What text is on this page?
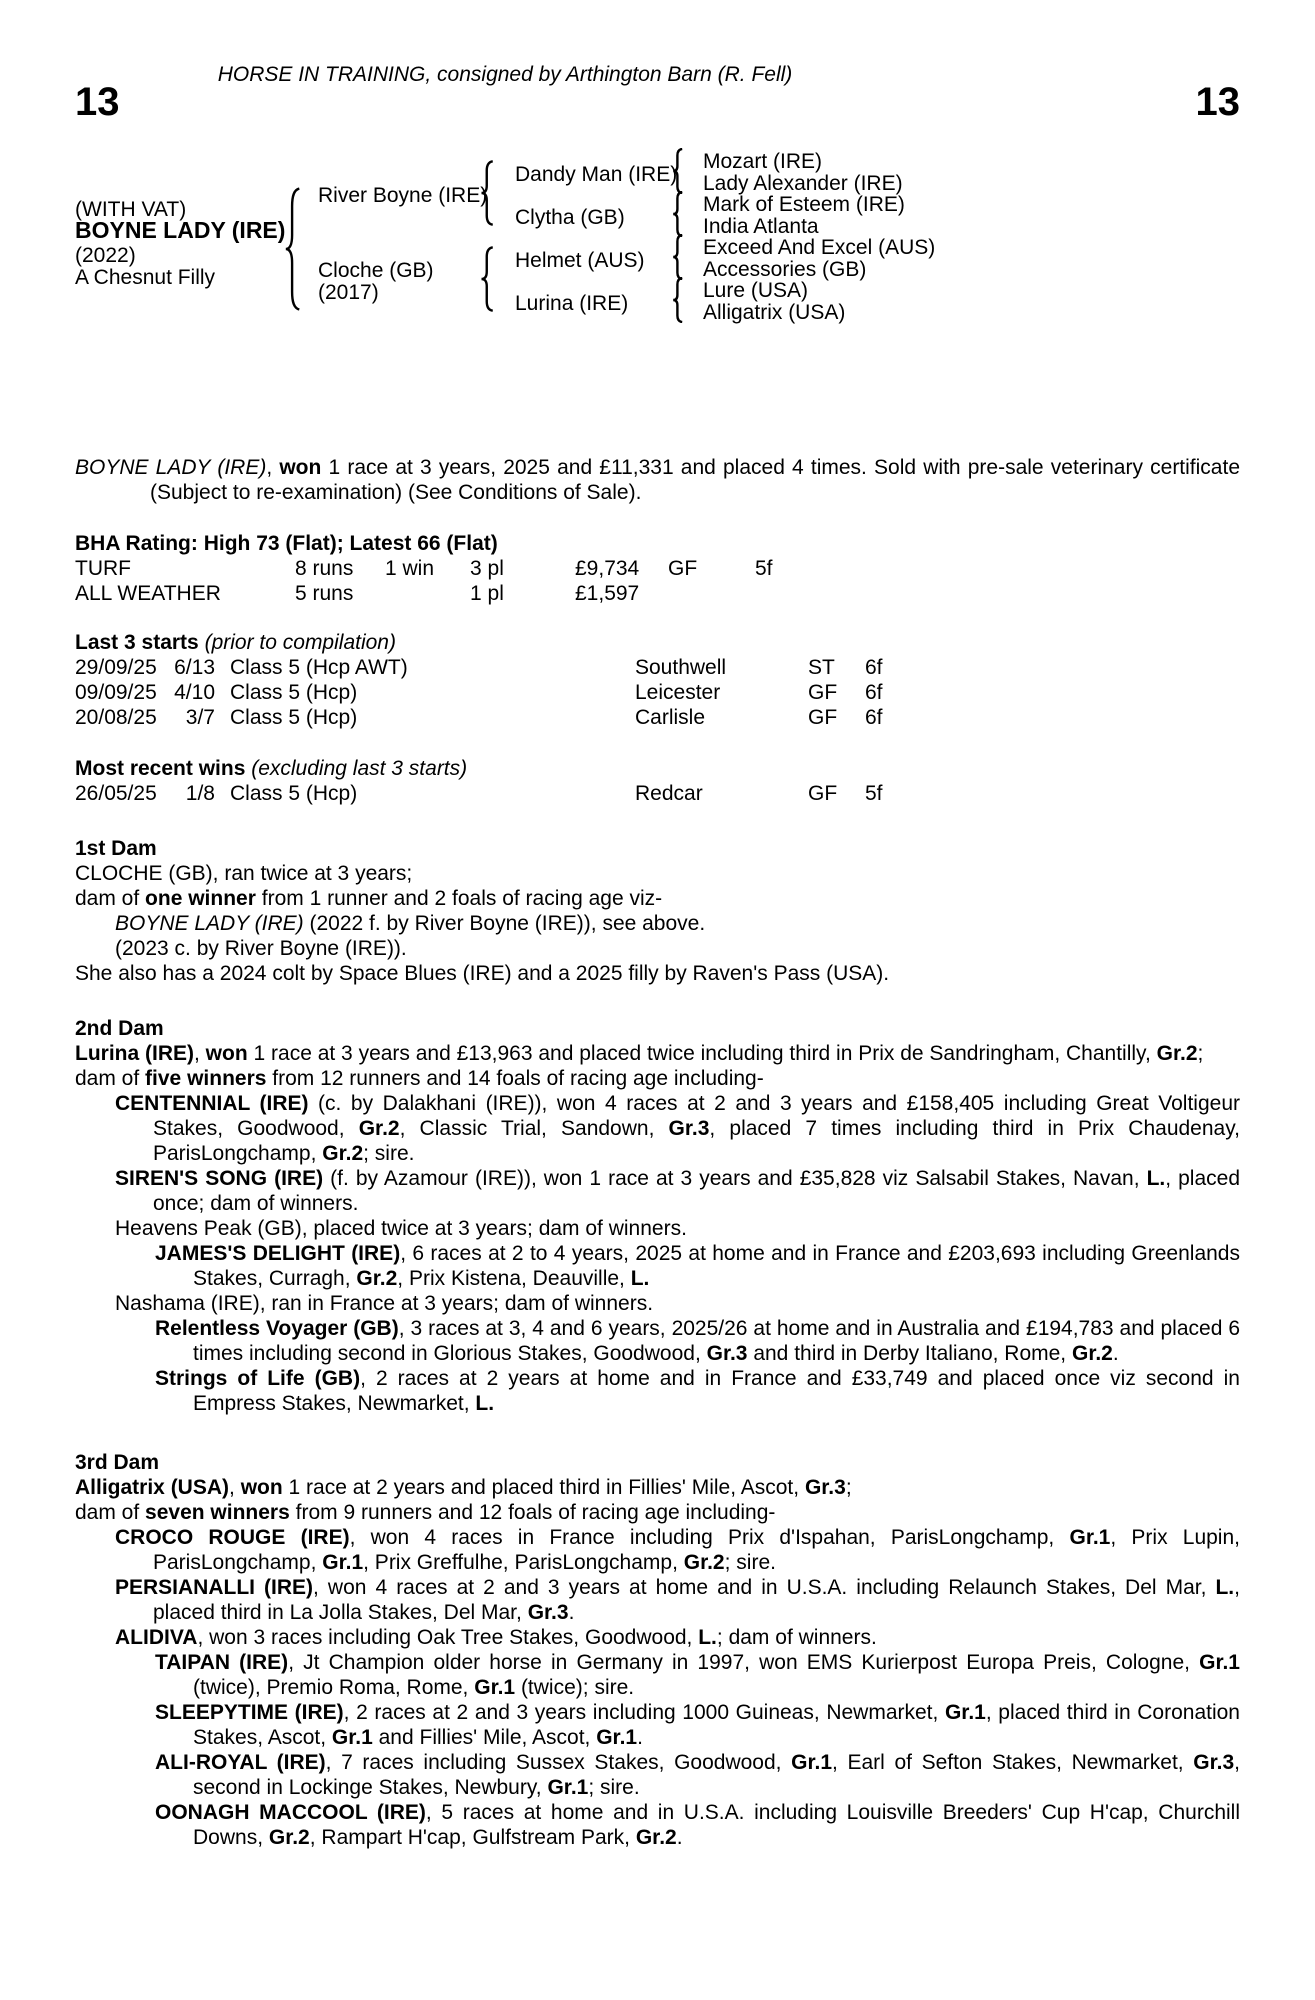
HORSE IN TRAINING, consigned by Arthington Barn (R. Fell)
13	13
(WITH VAT)
BOYNE LADY (IRE)
(2022)
A Chesnut Filly
River Boyne (IRE)
Cloche (GB)
(2017)
Dandy Man (IRE)
Clytha (GB)
Helmet (AUS)
Lurina (IRE)
Mozart (IRE)
Lady Alexander (IRE)
Mark of Esteem (IRE)
India Atlanta
Exceed And Excel (AUS)
Accessories (GB)
Lure (USA)
Alligatrix (USA)
BOYNE LADY (IRE), won 1 race at 3 years, 2025 and £11,331 and placed 4 times. Sold with pre-sale veterinary certificate (Subject to re-examination) (See Conditions of Sale).
BHA Rating: High 73 (Flat); Latest 66 (Flat)
TURF	8 runs	1 win	3 pl	£9,734	GF	5f
ALL WEATHER	5 runs	1 pl	£1,597
Last 3 starts (prior to compilation)
29/09/25 6/13 Class 5 (Hcp AWT)	Southwell	ST	6f
09/09/25 4/10 Class 5 (Hcp)	Leicester	GF	6f
20/08/25	3/7 Class 5 (Hcp)	Carlisle	GF	6f
Most recent wins (excluding last 3 starts)
26/05/25	1/8 Class 5 (Hcp)	Redcar	GF	5f
1st Dam
CLOCHE (GB), ran twice at 3 years;
dam of one winner from 1 runner and 2 foals of racing age viz-
BOYNE LADY (IRE) (2022 f. by River Boyne (IRE)), see above.
(2023 c. by River Boyne (IRE)).
She also has a 2024 colt by Space Blues (IRE) and a 2025 filly by Raven's Pass (USA).
2nd Dam
Lurina (IRE), won 1 race at 3 years and £13,963 and placed twice including third in Prix de Sandringham, Chantilly, Gr.2;
dam of five winners from 12 runners and 14 foals of racing age including-
CENTENNIAL (IRE) (c. by Dalakhani (IRE)), won 4 races at 2 and 3 years and £158,405 including Great Voltigeur Stakes, Goodwood, Gr.2, Classic Trial, Sandown, Gr.3, placed 7 times including third in Prix Chaudenay, ParisLongchamp, Gr.2; sire.
SIREN'S SONG (IRE) (f. by Azamour (IRE)), won 1 race at 3 years and £35,828 viz Salsabil Stakes, Navan, L., placed once; dam of winners.
Heavens Peak (GB), placed twice at 3 years; dam of winners.
JAMES'S DELIGHT (IRE), 6 races at 2 to 4 years, 2025 at home and in France and £203,693 including Greenlands Stakes, Curragh, Gr.2, Prix Kistena, Deauville, L.
Nashama (IRE), ran in France at 3 years; dam of winners.
Relentless Voyager (GB), 3 races at 3, 4 and 6 years, 2025/26 at home and in Australia and £194,783 and placed 6 times including second in Glorious Stakes, Goodwood, Gr.3 and third in Derby Italiano, Rome, Gr.2.
Strings of Life (GB), 2 races at 2 years at home and in France and £33,749 and placed once viz second in Empress Stakes, Newmarket, L.
3rd Dam
Alligatrix (USA), won 1 race at 2 years and placed third in Fillies' Mile, Ascot, Gr.3;
dam of seven winners from 9 runners and 12 foals of racing age including-
CROCO ROUGE (IRE), won 4 races in France including Prix d'Ispahan, ParisLongchamp, Gr.1, Prix Lupin, ParisLongchamp, Gr.1, Prix Greffulhe, ParisLongchamp, Gr.2; sire.
PERSIANALLI (IRE), won 4 races at 2 and 3 years at home and in U.S.A. including Relaunch Stakes, Del Mar, L., placed third in La Jolla Stakes, Del Mar, Gr.3.
ALIDIVA, won 3 races including Oak Tree Stakes, Goodwood, L.; dam of winners.
TAIPAN (IRE), Jt Champion older horse in Germany in 1997, won EMS Kurierpost Europa Preis, Cologne, Gr.1 (twice), Premio Roma, Rome, Gr.1 (twice); sire.
SLEEPYTIME (IRE), 2 races at 2 and 3 years including 1000 Guineas, Newmarket, Gr.1, placed third in Coronation Stakes, Ascot, Gr.1 and Fillies' Mile, Ascot, Gr.1.
ALI-ROYAL (IRE), 7 races including Sussex Stakes, Goodwood, Gr.1, Earl of Sefton Stakes, Newmarket, Gr.3, second in Lockinge Stakes, Newbury, Gr.1; sire.
OONAGH MACCOOL (IRE), 5 races at home and in U.S.A. including Louisville Breeders' Cup H'cap, Churchill Downs, Gr.2, Rampart H'cap, Gulfstream Park, Gr.2.
